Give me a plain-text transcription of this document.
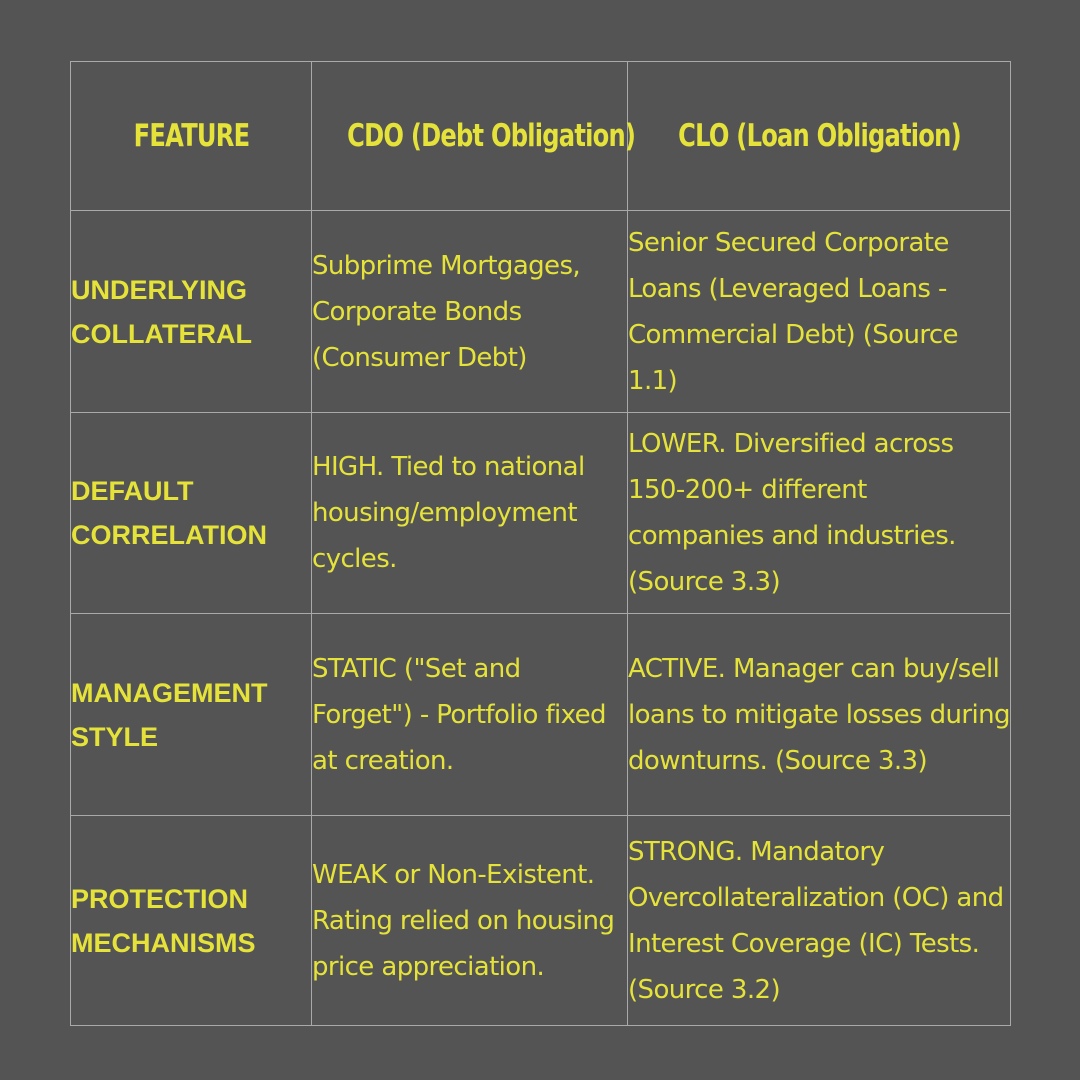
FEATURE	CDO (Debt Obligation)	CLO (Loan Obligation)
UNDERLYING COLLATERAL	Subprime Mortgages, Corporate Bonds (Consumer Debt)	Senior Secured Corporate Loans (Leveraged Loans - Commercial Debt) (Source 1.1)

DEFAULT CORRELATION	HIGH. Tied to national housing/employment cycles.	LOWER. Diversified across 150-200+ different companies and industries. (Source 3.3)

MANAGEMENT STYLE	STATIC ("Set and Forget") - Portfolio fixed at creation.	ACTIVE. Manager can buy/sell loans to mitigate losses during downturns. (Source 3.3)

PROTECTION MECHANISMS	WEAK or Non-Existent. Rating relied on housing price appreciation.	STRONG. Mandatory Overcollateralization (OC) and Interest Coverage (IC) Tests. (Source 3.2)
